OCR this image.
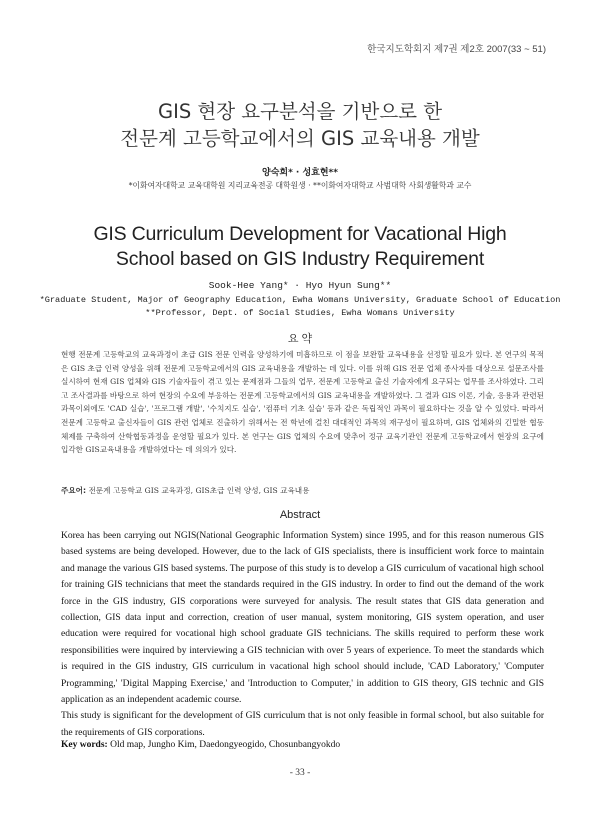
한국지도학회지 제7권 제2호 2007(33 ~ 51)
GIS 현장 요구분석을 기반으로 한
전문계 고등학교에서의 GIS 교육내용 개발
양숙희* · 성효현**
*이화여자대학교 교육대학원 지리교육전공 대학원생 · **이화여자대학교 사범대학 사회생활학과 교수
GIS Curriculum Development for Vacational High
School based on GIS Industry Requirement
Sook-Hee Yang* · Hyo Hyun Sung**
*Graduate Student, Major of Geography Education, Ewha Womans University, Graduate School of Education
**Professor, Dept. of Social Studies, Ewha Womans University
요 약
현행 전문계 고등학교의 교육과정이 초급 GIS 전문 인력을 양성하기에 미흡하므로 이 점을 보완할 교육내용을 선정할 필요가 있다. 본 연구의 목적은 GIS 초급 인력 양성을 위해 전문계 고등학교에서의 GIS 교육내용을 개발하는 데 있다. 이를 위해 GIS 전문 업체 종사자를 대상으로 설문조사를 실시하여 현재 GIS 업체와 GIS 기술자들이 겪고 있는 문제점과 그들의 업무, 전문계 고등학교 출신 기술자에게 요구되는 업무를 조사하였다. 그리고 조사결과를 바탕으로 하여 현장의 수요에 부응하는 전문계 고등학교에서의 GIS 교육내용을 개발하였다. 그 결과 GIS 이론, 기술, 응용과 관련된 과목이외에도 'CAD 실습', '프로그램 개발', '수치지도 실습', '컴퓨터 기초 실습' 등과 같은 독립적인 과목이 필요하다는 것을 알 수 있었다. 따라서 전문계 고등학교 출신자들이 GIS 관련 업체로 진출하기 위해서는 전 학년에 걸친 대대적인 과목의 재구성이 필요하며, GIS 업체와의 긴밀한 협동 체제를 구축하여 산학협동과정을 운영할 필요가 있다. 본 연구는 GIS 업체의 수요에 맞추어 정규 교육기관인 전문계 고등학교에서 현장의 요구에 입각한 GIS교육내용을 개발하였다는 데 의의가 있다.
주요어: 전문계 고등학교 GIS 교육과정, GIS초급 인력 양성, GIS 교육내용
Abstract

Korea has been carrying out NGIS(National Geographic Information System) since 1995, and for this reason numerous GIS based systems are being developed. However, due to the lack of GIS specialists, there is insufficient work force to maintain and manage the various GIS based systems. The purpose of this study is to develop a GIS curriculum of vacational high school for training GIS technicians that meet the standards required in the GIS industry. In order to find out the demand of the work force in the GIS industry, GIS corporations were surveyed for analysis. The result states that GIS data generation and collection, GIS data input and correction, creation of user manual, system monitoring, GIS system operation, and user education were required for vocational high school graduate GIS technicians. The skills required to perform these work responsibilities were inquired by interviewing a GIS technician with over 5 years of experience. To meet the standards which is required in the GIS industry, GIS curriculum in vacational high school should include, 'CAD Laboratory,' 'Computer Programming,' 'Digital Mapping Exercise,' and 'Introduction to Computer,' in addition to GIS theory, GIS technic and GIS application as an independent academic course.

This study is significant for the development of GIS curriculum that is not only feasible in formal school, but also suitable for the requirements of GIS corporations.

Key words: Old map, Jungho Kim, Daedongyeogido, Chosunbangyokdo
- 33 -
